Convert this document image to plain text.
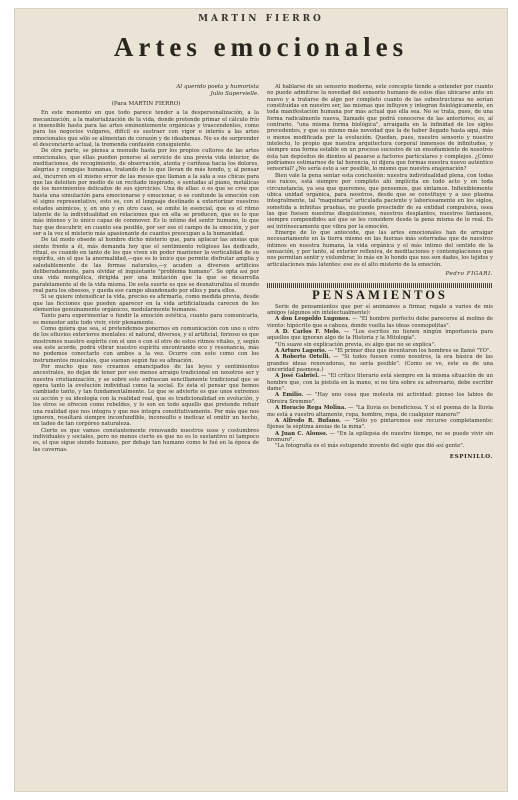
MARTIN FIERRO
Artes emocionales
Al querido poeta y humorista
Julio Supervielle.
(Para MARTIN FIERRO)

En este momento en que todo parece tender a la despersonalización, a la mecanización, a la materialización de la vida, donde pretende primar el cálculo frío e insensible hasta para las artes eminentemente orgánicas y trascendentes, como para los negocios vulgares, difícil es sustraer con vigor e interés a las artes emocionales que sólo se alimentan de corazón y de ideabemas. No es de sorprender el desconcierto actual, la tremenda confusión consiguiente.

De otra parte, se piensa a menudo hasta por los propios cultores de las artes emocionales, que ellas pueden ponerse al servicio de una previa vida interior, de meditaciones, de recogimiento, de observación, atenta y cariñosa hacia los dolores, alegrías y congojas humanas, tratando de lo que llevan de más hondo, y, al pensar así, incurren en el mismo error de las mesas que llaman a la sala a sus chicas para que las deleiten por medio de un recitado inspirado, o sentadas al piano, metálicas de los movimientos delicados de sus ejercicios. Una de ellas: o es que se cree que hasta una simulación para emocionarse y emocionar, o se confunde la emoción con el signo representativo, esto es, con el lenguaje destinado a exteriorizar nuestros estados anímicos, y, en uno y en otro caso, se omite lo esencial, que es el ritmo latente de la individualidad en relaciones que en ella se producen, que es lo que más intenso y lo único capaz de conmover. Es lo íntimo del sentir humano, lo que hay que descubrir, en cuanto sea posible, por ser ese el campo de la emoción, y por ser a la vez el misterio más apasionante de cuantos preocupan a la humanidad.

De tal modo obsede al hombre dicho misterio que, para aplacar las ansias que siente frente a él, más demanda hoy que el sentimiento religioso las dedicado, ritual, es cuando en tanto de los que viven sin poder mantener la verticalidad de su espíritu, sin el que la anormalidad,—que es lo único que permite disfrutar amplia y saludablemente de las formas naturales,—y acuden a diversos artificios deliberadamente, para olvidar el inquietante "problema humano". Se opta así por una vida mongólica, dirigida por una imitación que la que se desarrolla paralelamente al de la vida misma. De esta suerte es que se desnaturaliza el mundo real para los obsesos, y queda ese campo abandonado por ellos y para ellos.

Si se quiere intensificar la vida, preciso es afirmarla, como medida previa, desde que las ficciones que pueden aparecer en la vida artificializada carecen de los elementos genuinamente orgánicos, medularmente humanos.

Tanto para experimentar o fundir la emoción estética, cuanto para comunicarla, es menester ante todo vivir, vivir plenamente.

Como quiera que sea, si pretendemos ponernos en comunicación con uno u otro de los efluvios exteriores mentales: el natural, diversos, y el artificial, forzoso es que mostremos nuestro espíritu con el uno o con el otro de estos ritmos vitales, y, según sea este acorde, podrá vibrar nuestro espíritu encontrando eco y resonancia, más no podemos conectarlo con ambos a la vez. Ocurre con esto como con los instrumentos musicales, que suenan según fue su afinación.

Por mucho que nos creamos emancipados de las leyes y sentimientos ancestrales, no dejan de tener por eso menos arraigo tradicional en nosotros ser y nuestra cristianización, y se sobre este enfrascan sencillamente tradicional que se opera tanto la evolución individual como la social. Es ésta el pensar que hemos cambiado tanto, y tan fundamentalmente. Lo que se advierte es que unos extremos su acción y su ideología con la realidad real, que es tradicionalidad en evolución, y los otros se ofrecen como rebeldes, y lo son en todo aquello que pretende rehuir una realidad que nos integra y que nos integra constitutivamente. Por más que nos ignoren, resultará siempre inconfundible, inconsulto e ineficaz el omitir un hecho, en ladeo de tan corpóreo naturaleza.

Cierto es que vamos constantemente renovando nuestros usos y costumbres individuales y sociales, pero no menos cierto es que no es lo sustantivo ni tampoco es, el que sigue siendo humano, por debajo tan humano como lo fué en la época de las cavernas.

Al hablarse de un sensorio moderno, este concepto tiende a entender por cuanto no puede admitirse la novedad del sensorio humano de estos días ubicarse ante un nuevo y a tratarse de algo por completo cuanto de las subestructuras no serían constituídas en nuestro ser, las mismas que influyen y integran fisiológicamente, en toda manifestación humana por más actual que ella sea. No se trata, pues, de una forma radicalmente nueva, llamado que podrá conocerse de las anteriores; es, al contrario, "una misma forma biológica", arraigada en la infinidad de los siglos precedentes, y que su mismo más novedad que la de haber llegado hasta aquí, más o menos modificada por la evolución. Quedan, pues, nuestro sensorio y nuestro intelecto, lo propio que nuestra arquitectura corporal inmensos de infinitudes, y siempre una forma estable en un proceso sucesivo de un ensoñamiento de nosotros ésta tan depósitos de dientes al pasarse a factores particulares y complejos. ¿Cómo podríamos estimarnos de tal herencia, ni dijera que formas nuestra nuevo auténtico sensorial? ¿No sería esto a ser posible, lo mismo que nuestra enajenación?

Bien vale la pena sentar esta conclusión: nuestra individualidad plena, con todas sus raíces, está siempre por completo ahí implícita en todo acto y en toda circunstancia, ya sea que queremos, que pensemos, que sintamos. Inflexiblemente ubica unidad orgánica, para nosotros, desde que se constituye y a uso plasma integralmente, tal "maquinaria" articulada paciente y laboriosamente en los siglos, sometida a infinitas pruebas, no puede prescindir de su entidad compulsiva, osea las que fuesen nuestras disquisiciones, nuestros desplantes, nuestros fantaseos, siempre compendidos así que se les considere desde la pena misma de lo real. Es así intrínsecamente que vibra por la emoción.

Emerge de lo que antecede, que las artes emocionales han de arraigar necesariamente en la tierra mismo en las fuerzas más soterradas que de nuestros íntimos en nuestra humana, la vida orgánica y el más intimo del sentido de la sensación, y por tanto, al exterior reflexiva, de meditaciones y contemplaciones que nos permitan sentir y vislumbrar, lo más en lo hondo que nos son dados, los tejidos y articulaciones más latentes: ese es el alto misterio de la emoción.

Pedro FIGARI.
PENSAMIENTOS

Serie de pensamientos que por sí animamos a firmar, regalo a varios de mis amigos (algunos sin intelectualmente):

A don Leopoldo Lugones. — "El hombre perfecto debe parecerse al molino de viento: hipócrito que a cabeza, donde vuelta las ideas cosmopolitas".

A D. Carlos F. Melo. — "Los escritos no tienen ningún importancia para aquellos que ignoran algo de la Historia y la Mitología".

"Un suave sin explicación previa, es algo que no se explica".

A Arturo Lagorio. — "El primer diez que inventaron los hombres se llamó "YO".

A Roberto Ortelli. — "Si todos fuesen como nosotros, la era básica de las grandes ideas renovadoras, no sería posible". (Como se ve, este es de una sinceridad pasmosa.)

A José Gabriel. — "El crítico literario está siempre en la misma situación de un hombre que, con la pistola en la mano, si no tira sobre su adversario, debe escribir dame".

A Emilio. — "Hay uno cosa que molesta mi actividad: pienso los labios de Obreira Sremmo".

A Horacio Rega Molina. — "La lluvia es beneficiosa. Y si el poema de la lluvia me está a vuestro altamente, ropa, hombre, ropa, de cualquier manera!"

A Alfredo R. Bufano. — "Sólo yo pintaremos ese recurso completamente: fíjense la séptima ánsias de la mina".

A Juan C. Alonso. — "En la epilepsia de nuestro tiempo, no se puede vivir sin bromuro".

"La fotografía es el más estupendo invento del siglo que dió así gente".

ESPINILLO.
